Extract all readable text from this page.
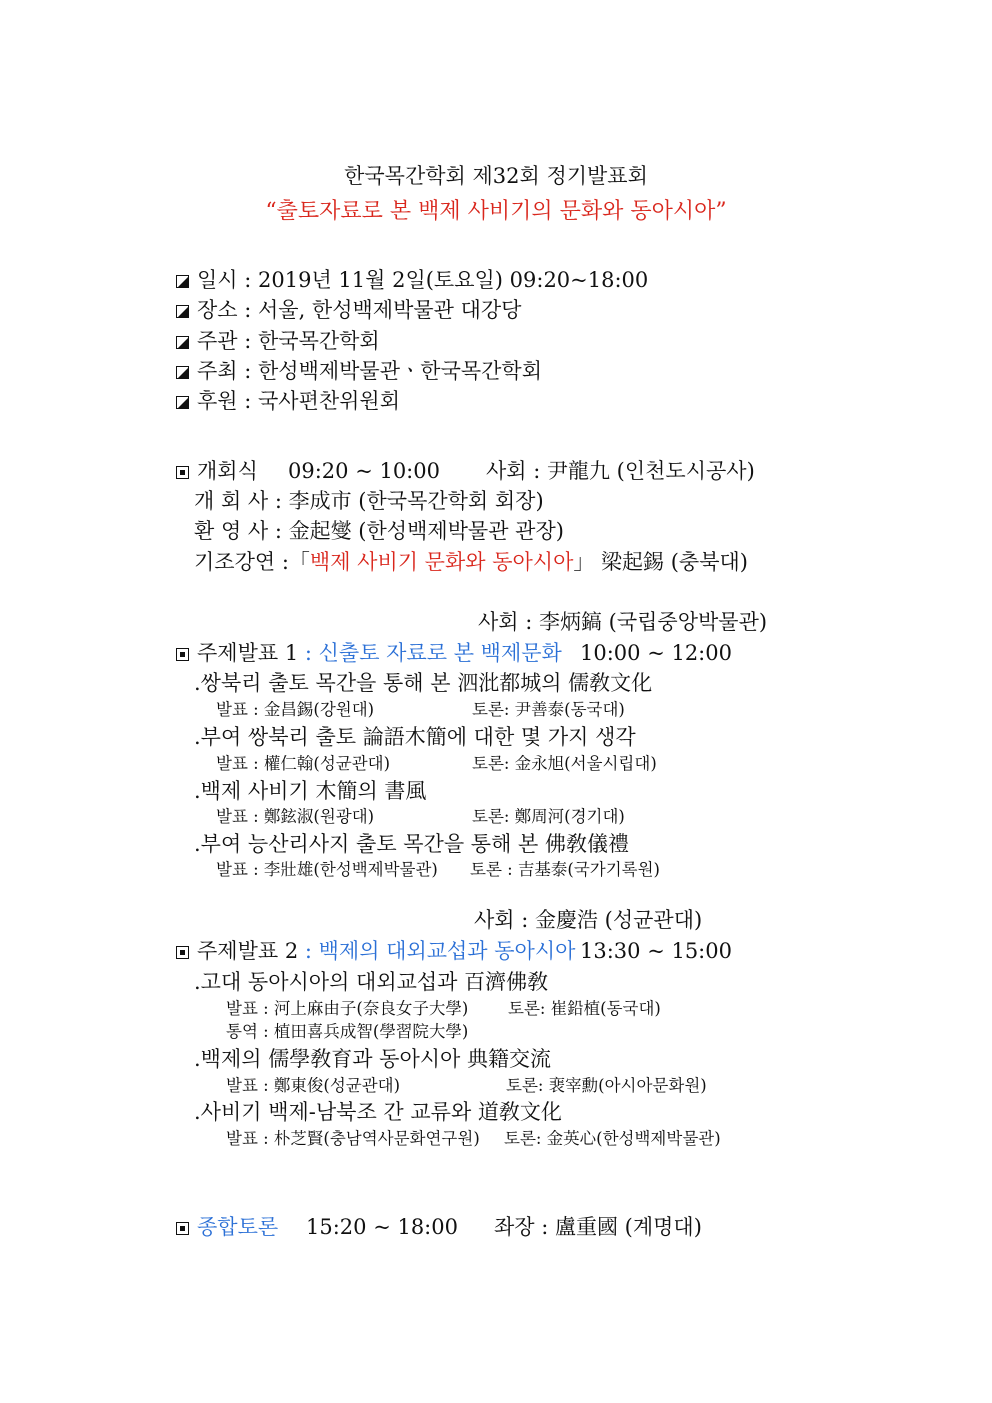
한국목간학회 제32회 정기발표회
“출토자료로 본 백제 사비기의 문화와 동아시아”
일시 : 2019년 11월 2일(토요일) 09:20~18:00
장소 : 서울, 한성백제박물관 대강당
주관 : 한국목간학회
주최 : 한성백제박물관ㆍ한국목간학회
후원 : 국사편찬위원회
개회식 09:20 ~ 10:00 사회 : 尹龍九 (인천도시공사)
개 회 사 : 李成市 (한국목간학회 회장)
환 영 사 : 金起燮 (한성백제박물관 관장)
기조강연 :「백제 사비기 문화와 동아시아」 梁起錫 (충북대)
사회 : 李炳鎬 (국립중앙박물관)
주제발표 1 : 신출토 자료로 본 백제문화 10:00 ~ 12:00
.쌍북리 출토 목간을 통해 본 泗沘都城의 儒敎文化
발표 : 金昌錫(강원대)	토론: 尹善泰(동국대)
.부여 쌍북리 출토 論語木簡에 대한 몇 가지 생각
발표 : 權仁翰(성균관대)	토론: 金永旭(서울시립대)
.백제 사비기 木簡의 書風
발표 : 鄭鉉淑(원광대)	토론: 鄭周河(경기대)
.부여 능산리사지 출토 목간을 통해 본 佛敎儀禮
발표 : 李壯雄(한성백제박물관) 토론 : 吉基泰(국가기록원)
사회 : 金慶浩 (성균관대)
주제발표 2 : 백제의 대외교섭과 동아시아 13:30 ~ 15:00
.고대 동아시아의 대외교섭과 百濟佛敎
발표 : 河上麻由子(奈良女子大學) 토론: 崔鉛植(동국대)
통역 : 植田喜兵成智(學習院大學)
.백제의 儒學敎育과 동아시아 典籍交流
발표 : 鄭東俊(성균관대)	토론: 裵宰勳(아시아문화원)
.사비기 백제-남북조 간 교류와 道敎文化
발표 : 朴芝賢(충남역사문화연구원) 토론: 金英心(한성백제박물관)
종합토론 15:20 ~ 18:00 좌장 : 盧重國 (계명대)
